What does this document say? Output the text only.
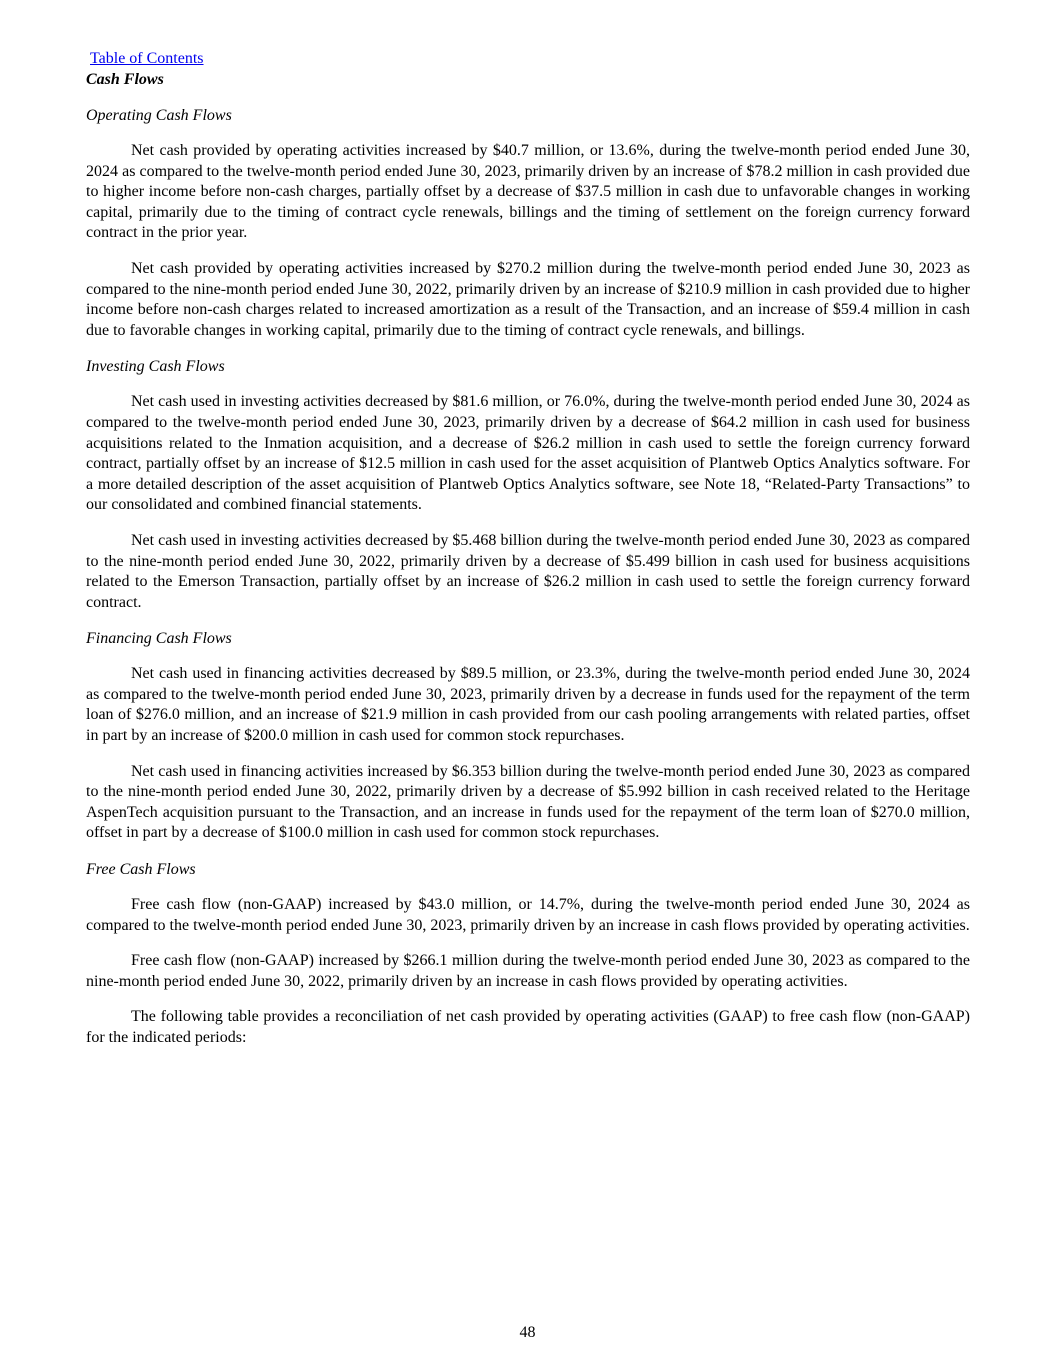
Table of Contents
Cash Flows
Operating Cash Flows

Net cash provided by operating activities increased by $40.7 million, or 13.6%, during the twelve-month period ended June 30, 2024 as compared to the twelve-month period ended June 30, 2023, primarily driven by an increase of $78.2 million in cash provided due to higher income before non-cash charges, partially offset by a decrease of $37.5 million in cash due to unfavorable changes in working capital, primarily due to the timing of contract cycle renewals, billings and the timing of settlement on the foreign currency forward contract in the prior year.

Net cash provided by operating activities increased by $270.2 million during the twelve-month period ended June 30, 2023 as compared to the nine-month period ended June 30, 2022, primarily driven by an increase of $210.9 million in cash provided due to higher income before non-cash charges related to increased amortization as a result of the Transaction, and an increase of $59.4 million in cash due to favorable changes in working capital, primarily due to the timing of contract cycle renewals, and billings.

Investing Cash Flows

Net cash used in investing activities decreased by $81.6 million, or 76.0%, during the twelve-month period ended June 30, 2024 as compared to the twelve-month period ended June 30, 2023, primarily driven by a decrease of $64.2 million in cash used for business acquisitions related to the Inmation acquisition, and a decrease of $26.2 million in cash used to settle the foreign currency forward contract, partially offset by an increase of $12.5 million in cash used for the asset acquisition of Plantweb Optics Analytics software. For a more detailed description of the asset acquisition of Plantweb Optics Analytics software, see Note 18, “Related-Party Transactions” to our consolidated and combined financial statements.

Net cash used in investing activities decreased by $5.468 billion during the twelve-month period ended June 30, 2023 as compared to the nine-month period ended June 30, 2022, primarily driven by a decrease of $5.499 billion in cash used for business acquisitions related to the Emerson Transaction, partially offset by an increase of $26.2 million in cash used to settle the foreign currency forward contract.

Financing Cash Flows

Net cash used in financing activities decreased by $89.5 million, or 23.3%, during the twelve-month period ended June 30, 2024 as compared to the twelve-month period ended June 30, 2023, primarily driven by a decrease in funds used for the repayment of the term loan of $276.0 million, and an increase of $21.9 million in cash provided from our cash pooling arrangements with related parties, offset in part by an increase of $200.0 million in cash used for common stock repurchases.

Net cash used in financing activities increased by $6.353 billion during the twelve-month period ended June 30, 2023 as compared to the nine-month period ended June 30, 2022, primarily driven by a decrease of $5.992 billion in cash received related to the Heritage AspenTech acquisition pursuant to the Transaction, and an increase in funds used for the repayment of the term loan of $270.0 million, offset in part by a decrease of $100.0 million in cash used for common stock repurchases.

Free Cash Flows

Free cash flow (non-GAAP) increased by $43.0 million, or 14.7%, during the twelve-month period ended June 30, 2024 as compared to the twelve-month period ended June 30, 2023, primarily driven by an increase in cash flows provided by operating activities.

Free cash flow (non-GAAP) increased by $266.1 million during the twelve-month period ended June 30, 2023 as compared to the nine-month period ended June 30, 2022, primarily driven by an increase in cash flows provided by operating activities.

The following table provides a reconciliation of net cash provided by operating activities (GAAP) to free cash flow (non-GAAP) for the indicated periods:

48
